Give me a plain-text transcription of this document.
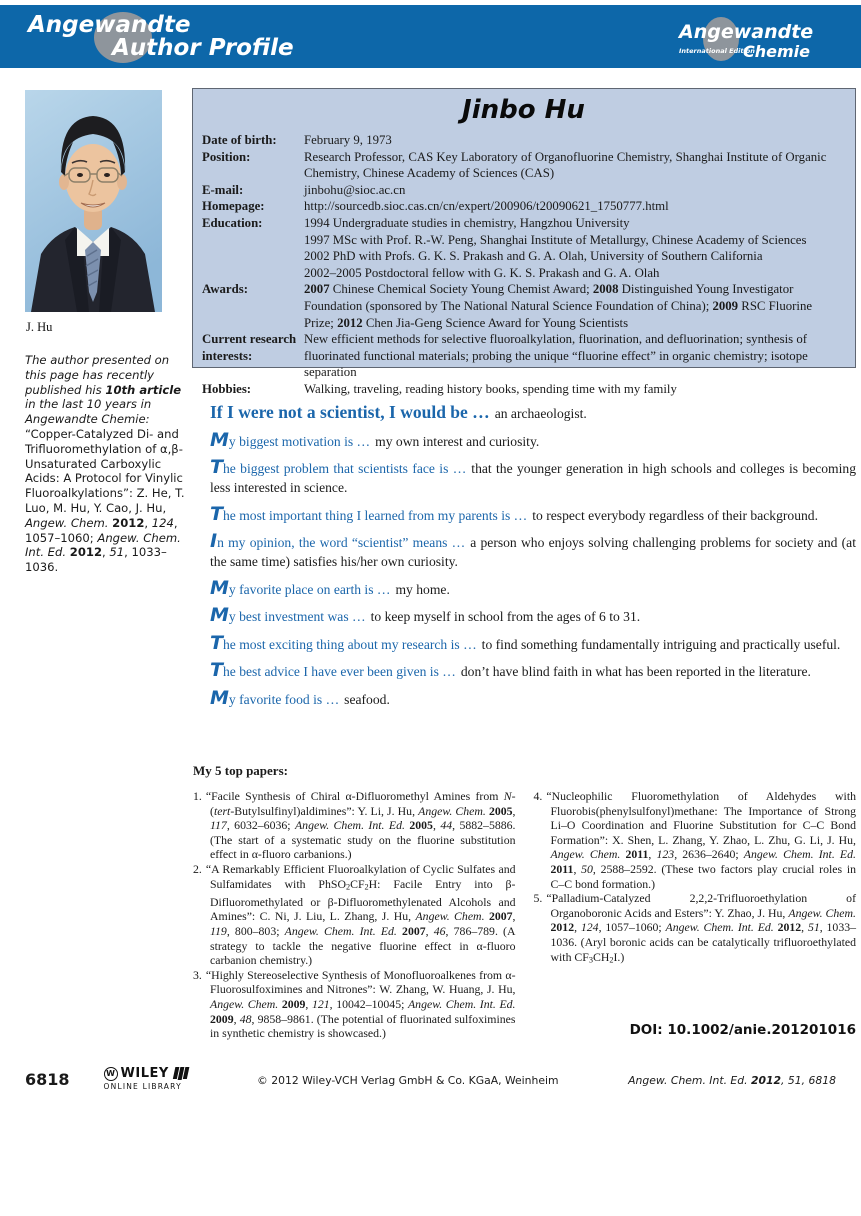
Angewandte
Author Profile
Angewandte
International Edition
Chemie
J. Hu

The author presented on this page has recently published his 10th article in the last 10 years in Angewandte Chemie:

“Copper-Catalyzed Di- and Trifluoromethylation of α,β-Unsaturated Carboxylic Acids: A Protocol for Vinylic Fluoroalkylations”: Z. He, T. Luo, M. Hu, Y. Cao, J. Hu, Angew. Chem. 2012, 124, 1057–1060; Angew. Chem. Int. Ed. 2012, 51, 1033–1036.

Jinbo Hu
Date of birth:	February 9, 1973
Position:	Research Professor, CAS Key Laboratory of Organofluorine Chemistry, Shanghai Institute of Organic Chemistry, Chinese Academy of Sciences (CAS)
E-mail:	jinbohu@sioc.ac.cn
Homepage:	http://sourcedb.sioc.cas.cn/cn/expert/200906/t20090621_1750777.html
Education:	1994 Undergraduate studies in chemistry, Hangzhou University
1997 MSc with Prof. R.-W. Peng, Shanghai Institute of Metallurgy, Chinese Academy of Sciences
2002 PhD with Profs. G. K. S. Prakash and G. A. Olah, University of Southern California
2002–2005 Postdoctoral fellow with G. K. S. Prakash and G. A. Olah
Awards:	2007 Chinese Chemical Society Young Chemist Award; 2008 Distinguished Young Investigator Foundation (sponsored by The National Natural Science Foundation of China); 2009 RSC Fluorine Prize; 2012 Chen Jia-Geng Science Award for Young Scientists
Current research interests:
New efficient methods for selective fluoroalkylation, fluorination, and defluorination; synthesis of fluorinated functional materials; probing the unique “fluorine effect” in organic chemistry; isotope separation
Hobbies:	Walking, traveling, reading history books, spending time with my family

If I were not a scientist, I would be … an archaeologist.

My biggest motivation is … my own interest and curiosity.

The biggest problem that scientists face is … that the younger generation in high schools and colleges is becoming less interested in science.

The most important thing I learned from my parents is … to respect everybody regardless of their background.

In my opinion, the word “scientist” means … a person who enjoys solving challenging problems for society and (at the same time) satisfies his/her own curiosity.

My favorite place on earth is … my home.

My best investment was … to keep myself in school from the ages of 6 to 31.

The most exciting thing about my research is … to find something fundamentally intriguing and practically useful.

The best advice I have ever been given is … don’t have blind faith in what has been reported in the literature.

My favorite food is … seafood.

My 5 top papers:
1. “Facile Synthesis of Chiral α-Difluoromethyl Amines from N-(tert-Butylsulfinyl)aldimines”: Y. Li, J. Hu, Angew. Chem. 2005, 117, 6032–6036; Angew. Chem. Int. Ed. 2005, 44, 5882–5886. (The start of a systematic study on the fluorine substitution effect in α-fluoro carbanions.)
2. “A Remarkably Efficient Fluoroalkylation of Cyclic Sulfates and Sulfamidates with PhSO2CF2H: Facile Entry into β-Difluoromethylated or β-Difluoromethylenated Alcohols and Amines”: C. Ni, J. Liu, L. Zhang, J. Hu, Angew. Chem. 2007, 119, 800–803; Angew. Chem. Int. Ed. 2007, 46, 786–789. (A strategy to tackle the negative fluorine effect in α-fluoro carbanion chemistry.)
3. “Highly Stereoselective Synthesis of Monofluoroalkenes from α-Fluorosulfoximines and Nitrones”: W. Zhang, W. Huang, J. Hu, Angew. Chem. 2009, 121, 10042–10045; Angew. Chem. Int. Ed. 2009, 48, 9858–9861. (The potential of fluorinated sulfoximines in synthetic chemistry is showcased.)
4. “Nucleophilic Fluoromethylation of Aldehydes with Fluorobis(phenylsulfonyl)methane: The Importance of Strong Li–O Coordination and Fluorine Substitution for C–C Bond Formation”: X. Shen, L. Zhang, Y. Zhao, L. Zhu, G. Li, J. Hu, Angew. Chem. 2011, 123, 2636–2640; Angew. Chem. Int. Ed. 2011, 50, 2588–2592. (These two factors play crucial roles in C–C bond formation.)
5. “Palladium-Catalyzed 2,2,2-Trifluoroethylation of Organoboronic Acids and Esters”: Y. Zhao, J. Hu, Angew. Chem. 2012, 124, 1057–1060; Angew. Chem. Int. Ed. 2012, 51, 1033–1036. (Aryl boronic acids can be catalytically trifluoroethylated with CF3CH2I.)
DOI: 10.1002/anie.201201016
6818	W WILEY
ONLINE LIBRARY	© 2012 Wiley-VCH Verlag GmbH & Co. KGaA, Weinheim	Angew. Chem. Int. Ed. 2012, 51, 6818
